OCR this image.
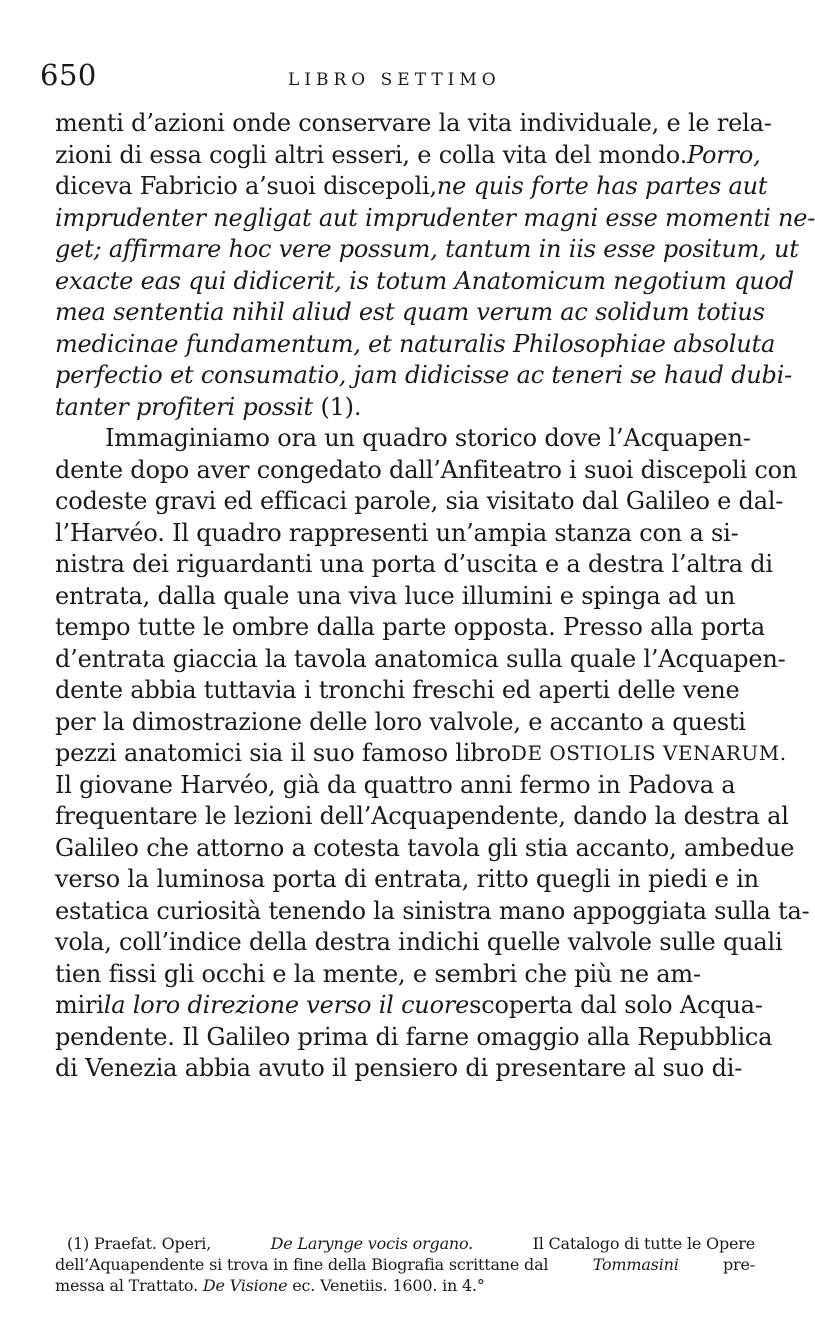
650	LIBRO SETTIMO
menti d’azioni onde conservare la vita individuale, e le rela-
zioni di essa cogli altri esseri, e colla vita del mondo. Porro,
diceva Fabricio a’suoi discepoli, ne quis forte has partes aut
imprudenter negligat aut imprudenter magni esse momenti ne-
get; affirmare hoc vere possum, tantum in iis esse positum, ut
exacte eas qui didicerit, is totum Anatomicum negotium quod
mea sententia nihil aliud est quam verum ac solidum totius
medicinae fundamentum, et naturalis Philosophiae absoluta
perfectio et consumatio, jam didicisse ac teneri se haud dubi-
tanter profiteri possit
(1).
Immaginiamo ora un quadro storico dove l’Acquapen-
dente dopo aver congedato dall’Anfiteatro i suoi discepoli con
codeste gravi ed efficaci parole, sia visitato dal Galileo e dal-
l’Harvéo. Il quadro rappresenti un’ampia stanza con a si-
nistra dei riguardanti una porta d’uscita e a destra l’altra di
entrata, dalla quale una viva luce illumini e spinga ad un
tempo tutte le ombre dalla parte opposta. Presso alla porta
d’entrata giaccia la tavola anatomica sulla quale l’Acquapen-
dente abbia tuttavia i tronchi freschi ed aperti delle vene
per la dimostrazione delle loro valvole, e accanto a questi
pezzi anatomici sia il suo famoso libro DE OSTIOLIS VENARUM.
Il giovane Harvéo, già da quattro anni fermo in Padova a
frequentare le lezioni dell’Acquapendente, dando la destra al
Galileo che attorno a cotesta tavola gli stia accanto, ambedue
verso la luminosa porta di entrata, ritto quegli in piedi e in
estatica curiosità tenendo la sinistra mano appoggiata sulla ta-
vola, coll’indice della destra indichi quelle valvole sulle quali
tien fissi gli occhi e la mente, e sembri che più ne am-
miri la loro direzione verso il cuore scoperta dal solo Acqua-
pendente. Il Galileo prima di farne omaggio alla Repubblica
di Venezia abbia avuto il pensiero di presentare al suo di-
(1) Praefat. Operi,	De Larynge vocis organo.	Il Catalogo di tutte le Opere
dell’Aquapendente si trova in fine della Biografia scrittane dal	Tommasini	pre-
messa al Trattato.
De Visione
ec. Venetiis. 1600. in 4.°
